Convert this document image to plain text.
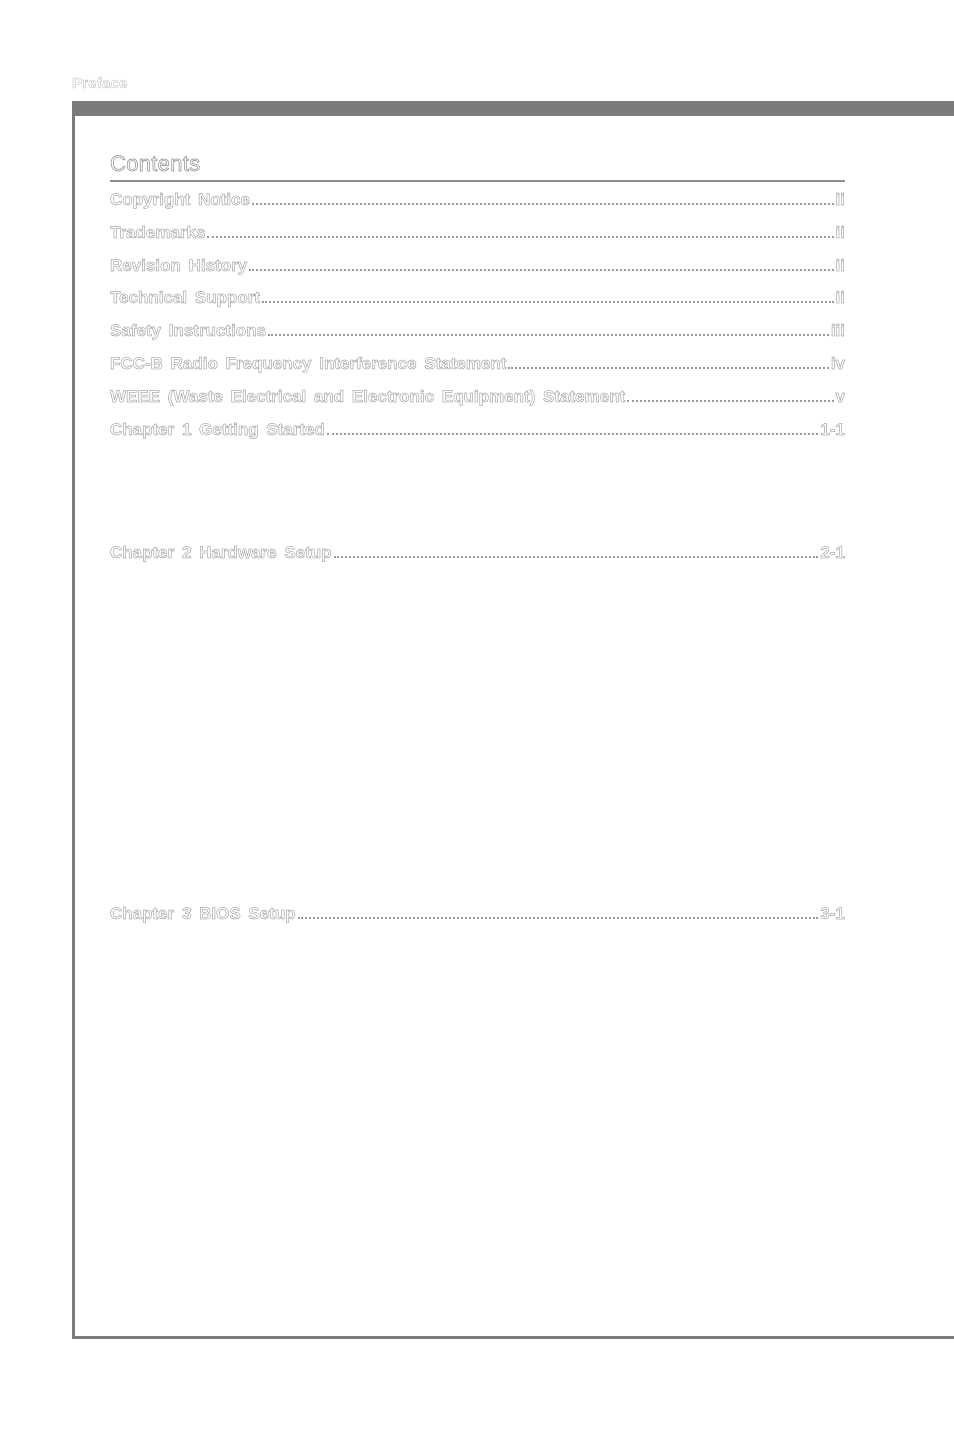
Preface
Contents
Copyright Notice	ii
Trademarks	ii
Revision History	ii
Technical Support	ii
Safety Instructions	iii
FCC-B Radio Frequency Interference Statement	iv
WEEE (Waste Electrical and Electronic Equipment) Statement	v
Chapter 1 Getting Started	1-1
Chapter 2 Hardware Setup	2-1
Chapter 3 BIOS Setup	3-1
